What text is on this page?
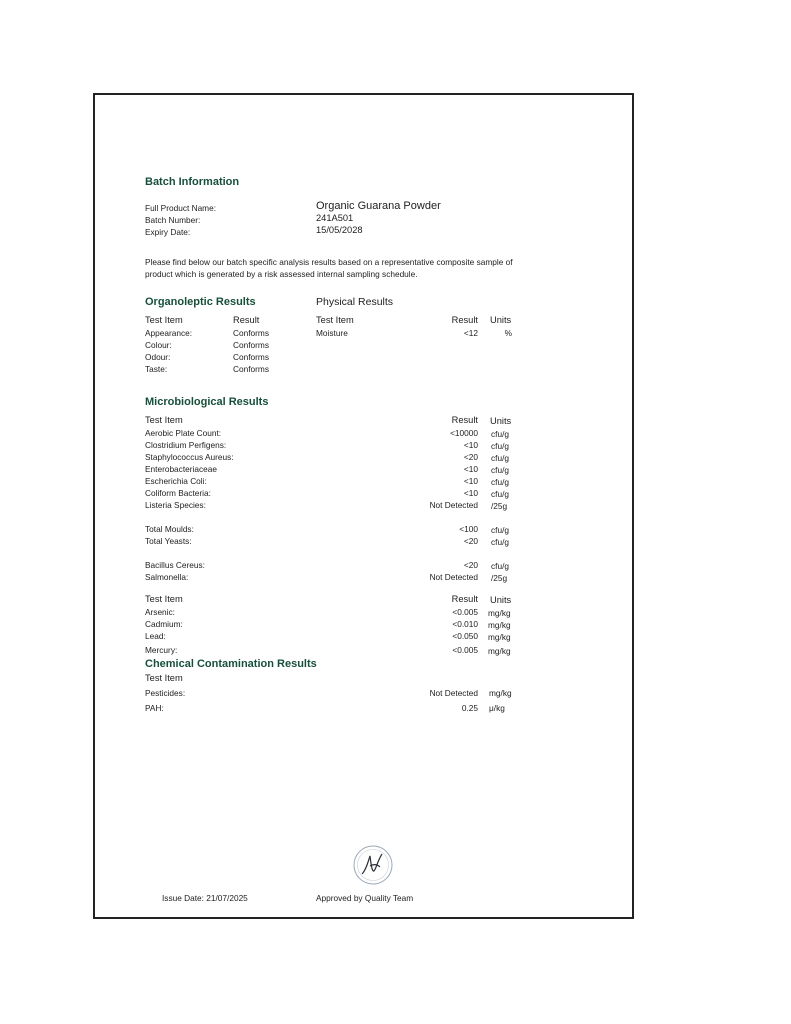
Batch Information
Full Product Name:	Organic Guarana Powder
Batch Number:	241A501
Expiry Date:	15/05/2028
Please find below our batch specific analysis results based on a representative composite sample of product which is generated by a risk assessed internal sampling schedule.
Organoleptic Results
Test Item	Result
Appearance:	Conforms
Colour:	Conforms
Odour:	Conforms
Taste:	Conforms
Physical Results
Test Item	Result Units
Moisture	<12	%
Microbiological Results
Test Item	Result Units
Aerobic Plate Count:	<10000 cfu/g
Clostridium Perfigens:	<10 cfu/g
Staphylococcus Aureus:	<20 cfu/g
Enterobacteriaceae	<10 cfu/g
Escherichia Coli:	<10 cfu/g
Coliform Bacteria:	<10 cfu/g
Listeria Species:	Not Detected /25g
Total Moulds:	<100 cfu/g
Total Yeasts:	<20 cfu/g
Bacillus Cereus:	<20 cfu/g
Salmonella:	Not Detected /25g
Test Item	Result Units
Arsenic:	<0.005 mg/kg
Cadmium:	<0.010 mg/kg
Lead:	<0.050 mg/kg
Mercury:	<0.005 mg/kg
Chemical Contamination Results
Test Item
Pesticides:	Not Detected mg/kg
PAH:	0.25 μ/kg
Issue Date: 21/07/2025	Approved by Quality Team
